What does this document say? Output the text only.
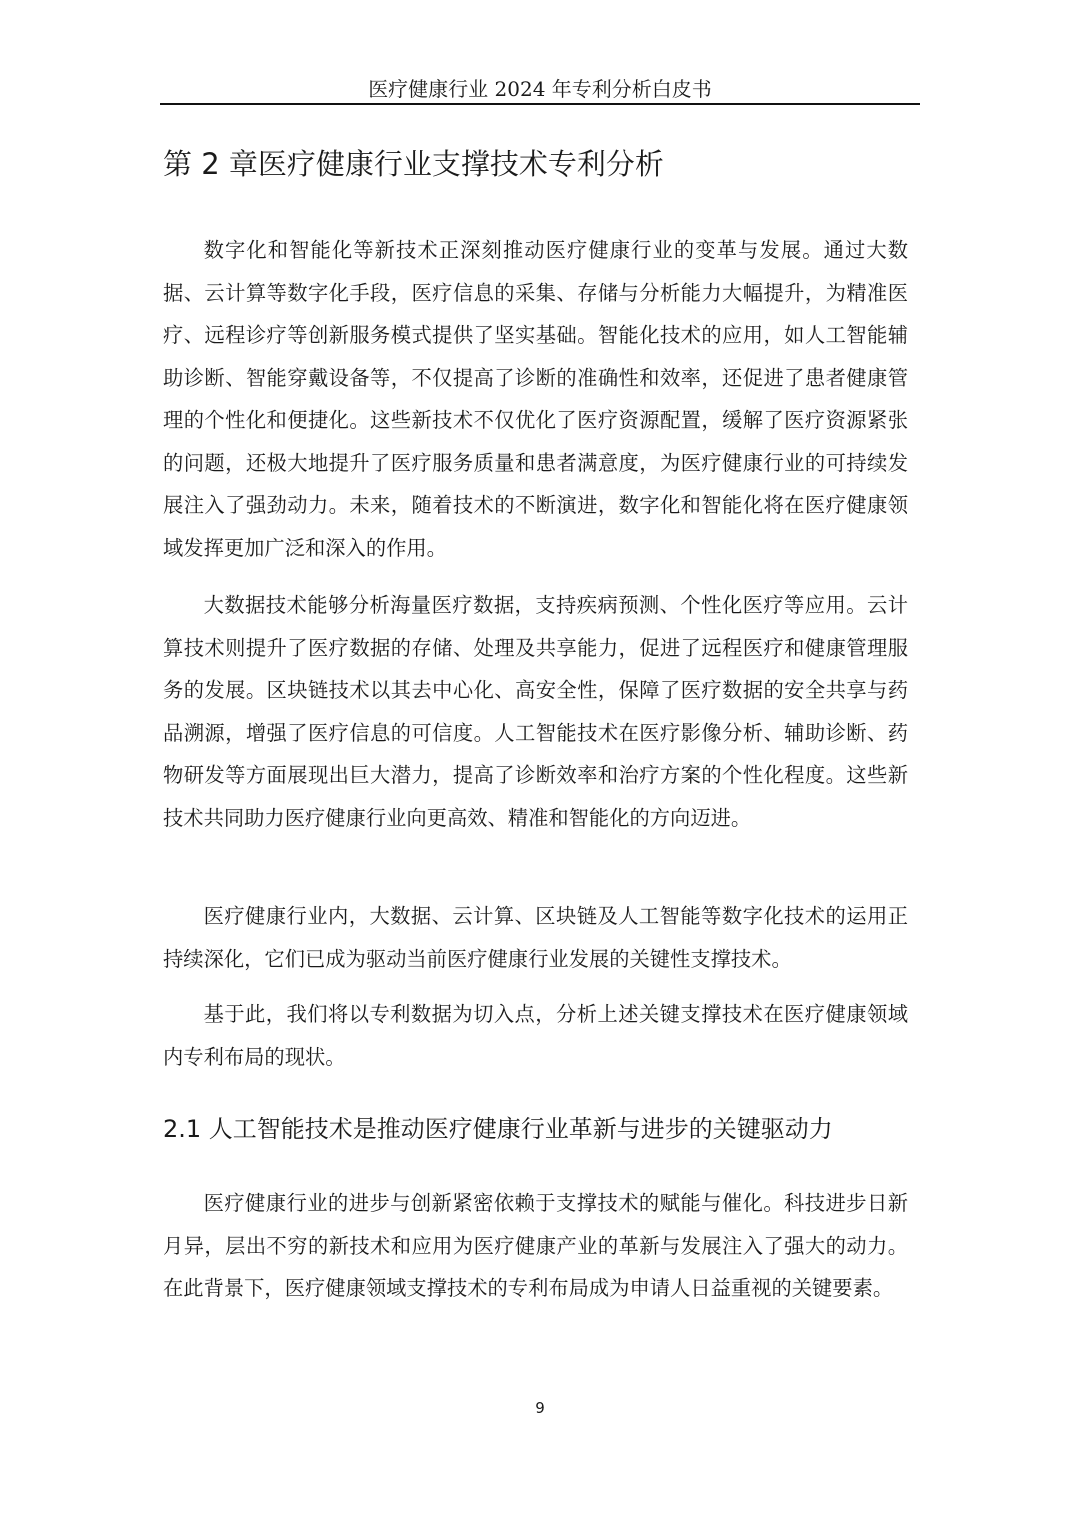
医疗健康行业 2024 年专利分析白皮书
第 2 章医疗健康行业支撑技术专利分析

数字化和智能化等新技术正深刻推动医疗健康行业的变革与发展。通过大数据、云计算等数字化手段，医疗信息的采集、存储与分析能力大幅提升，为精准医疗、远程诊疗等创新服务模式提供了坚实基础。智能化技术的应用，如人工智能辅助诊断、智能穿戴设备等，不仅提高了诊断的准确性和效率，还促进了患者健康管理的个性化和便捷化。这些新技术不仅优化了医疗资源配置，缓解了医疗资源紧张的问题，还极大地提升了医疗服务质量和患者满意度，为医疗健康行业的可持续发展注入了强劲动力。未来，随着技术的不断演进，数字化和智能化将在医疗健康领域发挥更加广泛和深入的作用。

大数据技术能够分析海量医疗数据，支持疾病预测、个性化医疗等应用。云计算技术则提升了医疗数据的存储、处理及共享能力，促进了远程医疗和健康管理服务的发展。区块链技术以其去中心化、高安全性，保障了医疗数据的安全共享与药品溯源，增强了医疗信息的可信度。人工智能技术在医疗影像分析、辅助诊断、药物研发等方面展现出巨大潜力，提高了诊断效率和治疗方案的个性化程度。这些新技术共同助力医疗健康行业向更高效、精准和智能化的方向迈进。

医疗健康行业内，大数据、云计算、区块链及人工智能等数字化技术的运用正持续深化，它们已成为驱动当前医疗健康行业发展的关键性支撑技术。

基于此，我们将以专利数据为切入点，分析上述关键支撑技术在医疗健康领域内专利布局的现状。

2.1 人工智能技术是推动医疗健康行业革新与进步的关键驱动力

医疗健康行业的进步与创新紧密依赖于支撑技术的赋能与催化。科技进步日新月异，层出不穷的新技术和应用为医疗健康产业的革新与发展注入了强大的动力。在此背景下，医疗健康领域支撑技术的专利布局成为申请人日益重视的关键要素。

9
